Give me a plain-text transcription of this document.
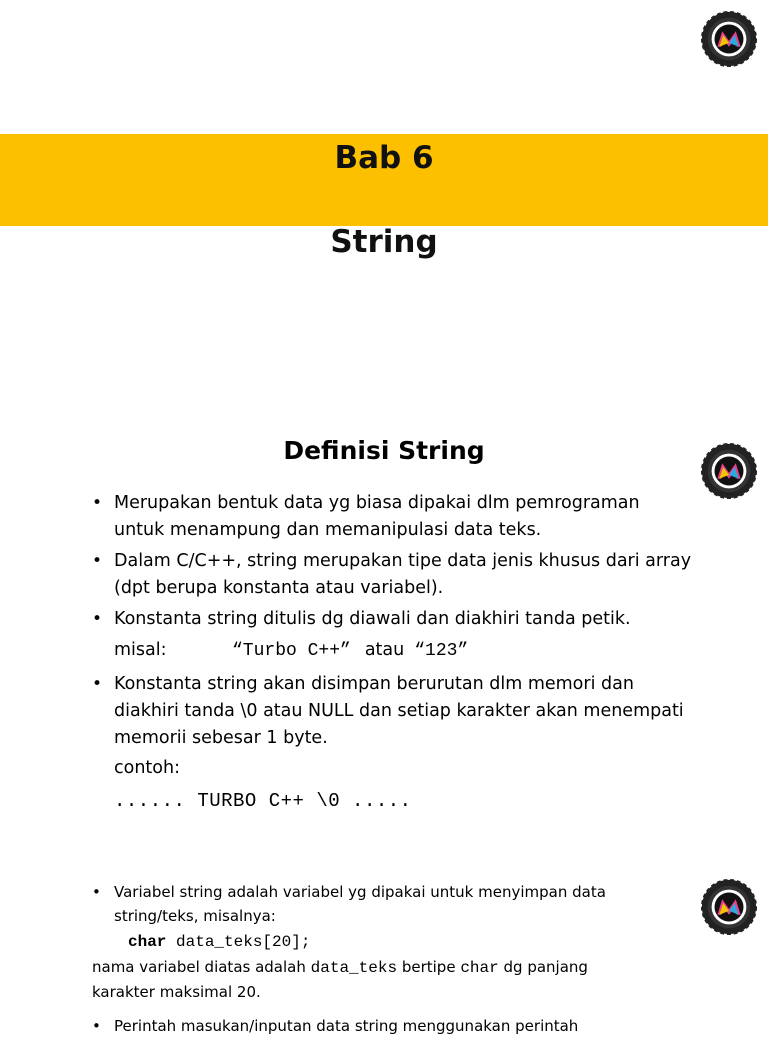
Bab 6
String
Definisi String
• Merupakan bentuk data yg biasa dipakai dlm pemrograman untuk menampung dan memanipulasi data teks.
• Dalam C/C++, string merupakan tipe data jenis khusus dari array (dpt berupa konstanta atau variabel).
• Konstanta string ditulis dg diawali dan diakhiri tanda petik.
misal:	“Turbo C++” atau “123”
• Konstanta string akan disimpan berurutan dlm memori dan diakhiri tanda \0 atau NULL dan setiap karakter akan menempati memorii sebesar 1 byte.
contoh:
...... TURBO C++ \0 .....
• Variabel string adalah variabel yg dipakai untuk menyimpan data string/teks, misalnya:
char data_teks[20];
nama variabel diatas adalah data_teks bertipe char dg panjang karakter maksimal 20.
• Perintah masukan/inputan data string menggunakan perintah
